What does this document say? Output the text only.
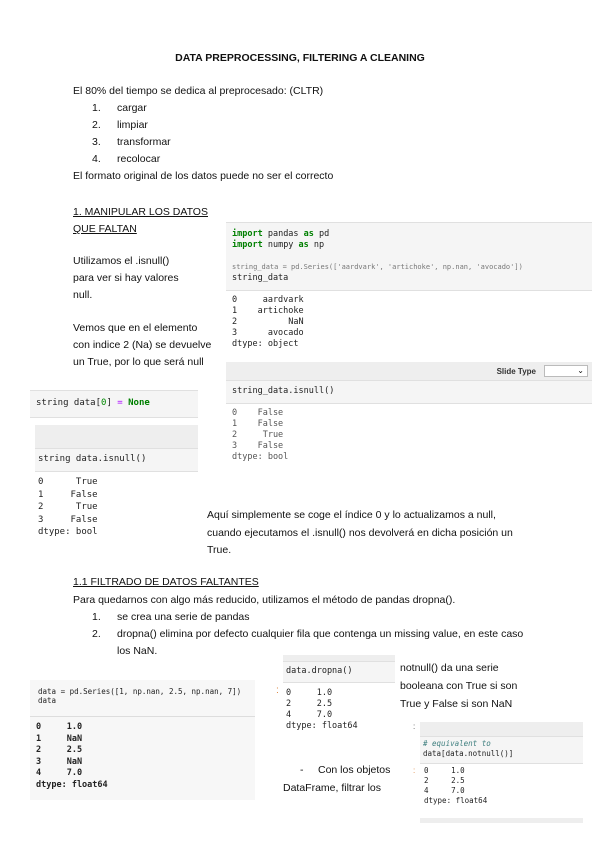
DATA PREPROCESSING, FILTERING A CLEANING
El 80% del tiempo se dedica al preprocesado: (CLTR)
1. cargar
2. limpiar
3. transformar
4. recolocar
El formato original de los datos puede no ser el correcto
1. MANIPULAR LOS DATOS
QUE FALTAN
Utilizamos el .isnull()
para ver si hay valores
null.
Vemos que en el elemento
con indice 2 (Na) se devuelve
un True, por lo que será null
import pandas as pd
import numpy as np

string_data = pd.Series(['aardvark', 'artichoke', np.nan, 'avocado'])
string_data
0     aardvark
1    artichoke
2          NaN
3      avocado
dtype: object
Slide Type	⌄
string_data.isnull()
0    False
1    False
2     True
3    False
dtype: bool
string data[0] = None
string data.isnull()
0      True
1     False
2      True
3     False
dtype: bool
Aquí simplemente se coge el índice 0 y lo actualizamos a null,
cuando ejecutamos el .isnull() nos devolverá en dicha posición un
True.
1.1 FILTRADO DE DATOS FALTANTES
Para quedarnos con algo más reducido, utilizamos el método de pandas dropna().
1. se crea una serie de pandas
2. dropna() elimina por defecto cualquier fila que contenga un missing value, en este caso
los NaN.
data = pd.Series([1, np.nan, 2.5, np.nan, 7])
data
0     1.0
1     NaN
2     2.5
3     NaN
4     7.0
dtype: float64
:
data.dropna()
0     1.0
2     2.5
4     7.0
dtype: float64
notnull() da una serie
booleana con True si son
True y False si son NaN
- Con los objetos
DataFrame, filtrar los
:
# equivalent to
data[data.notnull()]
: 0     1.0
2     2.5
4     7.0
dtype: float64
